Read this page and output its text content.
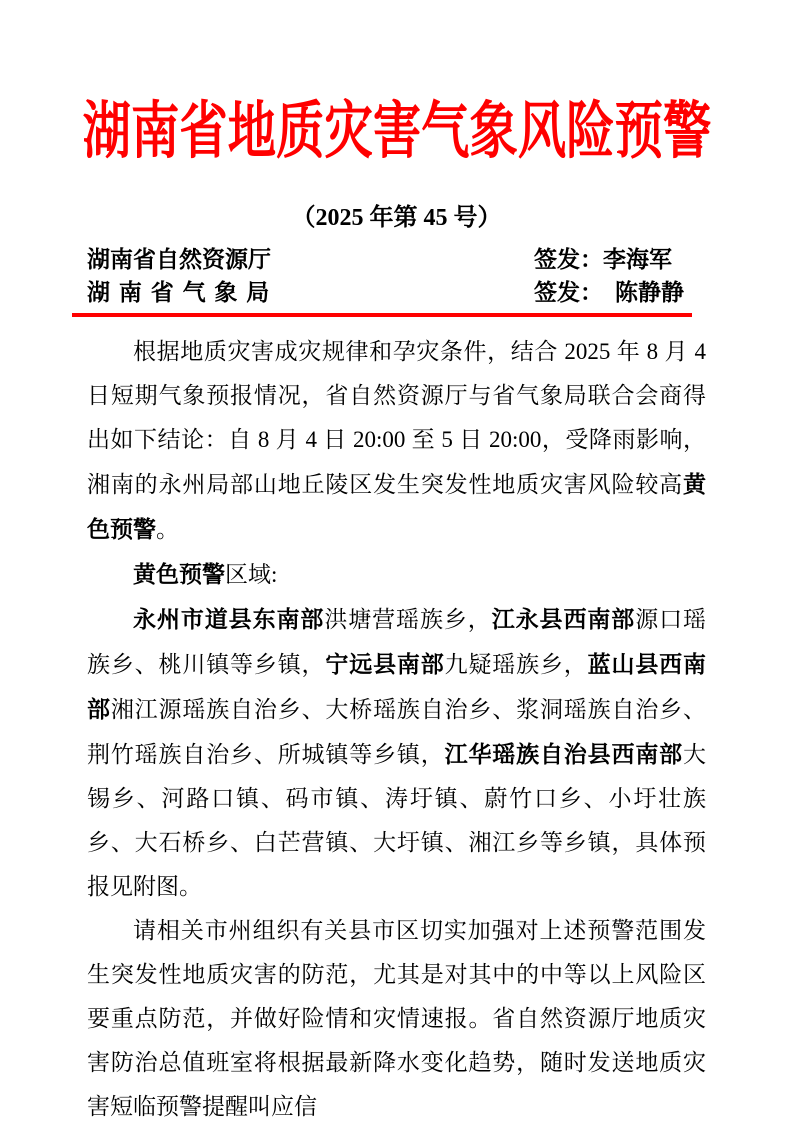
湖南省地质灾害气象风险预警
（2025 年第 45 号）
湖南省自然资源厅
湖南省气象局
签发：李海军
签发： 陈静静

根据地质灾害成灾规律和孕灾条件，结合 2025 年 8 月 4 日短期气象预报情况，省自然资源厅与省气象局联合会商得出如下结论：自 8 月 4 日 20:00 至 5 日 20:00，受降雨影响，湘南的永州局部山地丘陵区发生突发性地质灾害风险较高黄色预警。

黄色预警区域:

永州市道县东南部洪塘营瑶族乡，江永县西南部源口瑶族乡、桃川镇等乡镇，宁远县南部九疑瑶族乡，蓝山县西南部湘江源瑶族自治乡、大桥瑶族自治乡、浆洞瑶族自治乡、荆竹瑶族自治乡、所城镇等乡镇，江华瑶族自治县西南部大锡乡、河路口镇、码市镇、涛圩镇、蔚竹口乡、小圩壮族乡、大石桥乡、白芒营镇、大圩镇、湘江乡等乡镇，具体预报见附图。

请相关市州组织有关县市区切实加强对上述预警范围发生突发性地质灾害的防范，尤其是对其中的中等以上风险区要重点防范，并做好险情和灾情速报。省自然资源厅地质灾害防治总值班室将根据最新降水变化趋势，随时发送地质灾害短临预警提醒叫应信
